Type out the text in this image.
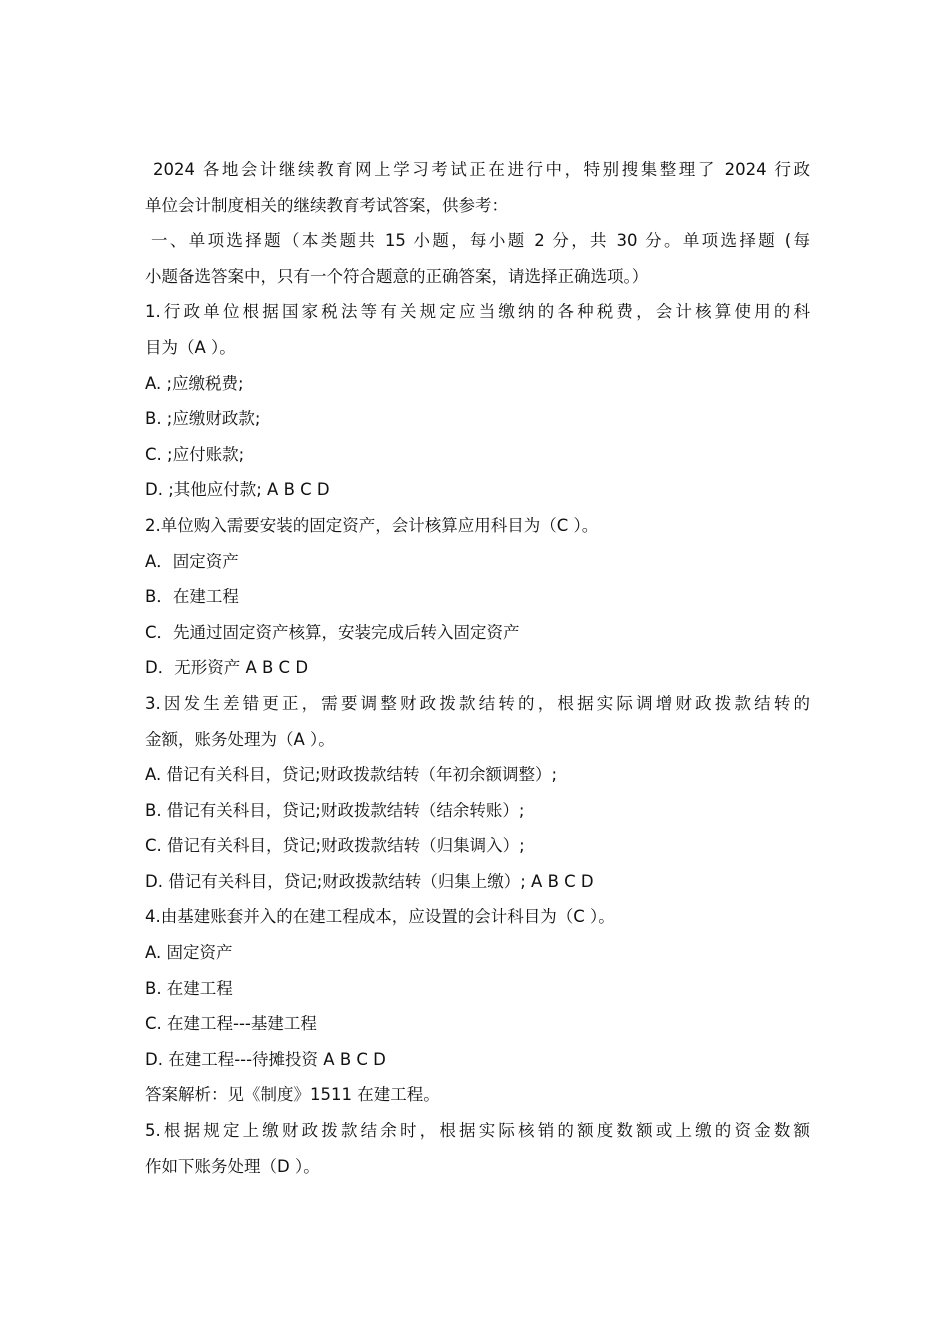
2024 各地会计继续教育网上学习考试正在进行中，特别搜集整理了 2024 行政

单位会计制度相关的继续教育考试答案，供参考：

一、单项选择题（本类题共 15 小题，每小题 2 分，共 30 分。单项选择题 (每

小题备选答案中，只有一个符合题意的正确答案，请选择正确选项。）

1.行政单位根据国家税法等有关规定应当缴纳的各种税费，会计核算使用的科

目为（A ）。

A. ;应缴税费;

B. ;应缴财政款;

C. ;应付账款;

D. ;其他应付款; A B C D

2.单位购入需要安装的固定资产，会计核算应用科目为（C ）。

A．固定资产

B．在建工程

C．先通过固定资产核算，安装完成后转入固定资产

D．无形资产 A B C D

3.因发生差错更正，需要调整财政拨款结转的，根据实际调增财政拨款结转的

金额，账务处理为（A ）。

A. 借记有关科目，贷记;财政拨款结转（年初余额调整）;

B. 借记有关科目，贷记;财政拨款结转（结余转账）;

C. 借记有关科目，贷记;财政拨款结转（归集调入）;

D. 借记有关科目，贷记;财政拨款结转（归集上缴）; A B C D

4.由基建账套并入的在建工程成本，应设置的会计科目为（C ）。

A. 固定资产

B. 在建工程

C. 在建工程---基建工程

D. 在建工程---待摊投资 A B C D

答案解析：见《制度》1511 在建工程。

5.根据规定上缴财政拨款结余时，根据实际核销的额度数额或上缴的资金数额

作如下账务处理（D ）。
